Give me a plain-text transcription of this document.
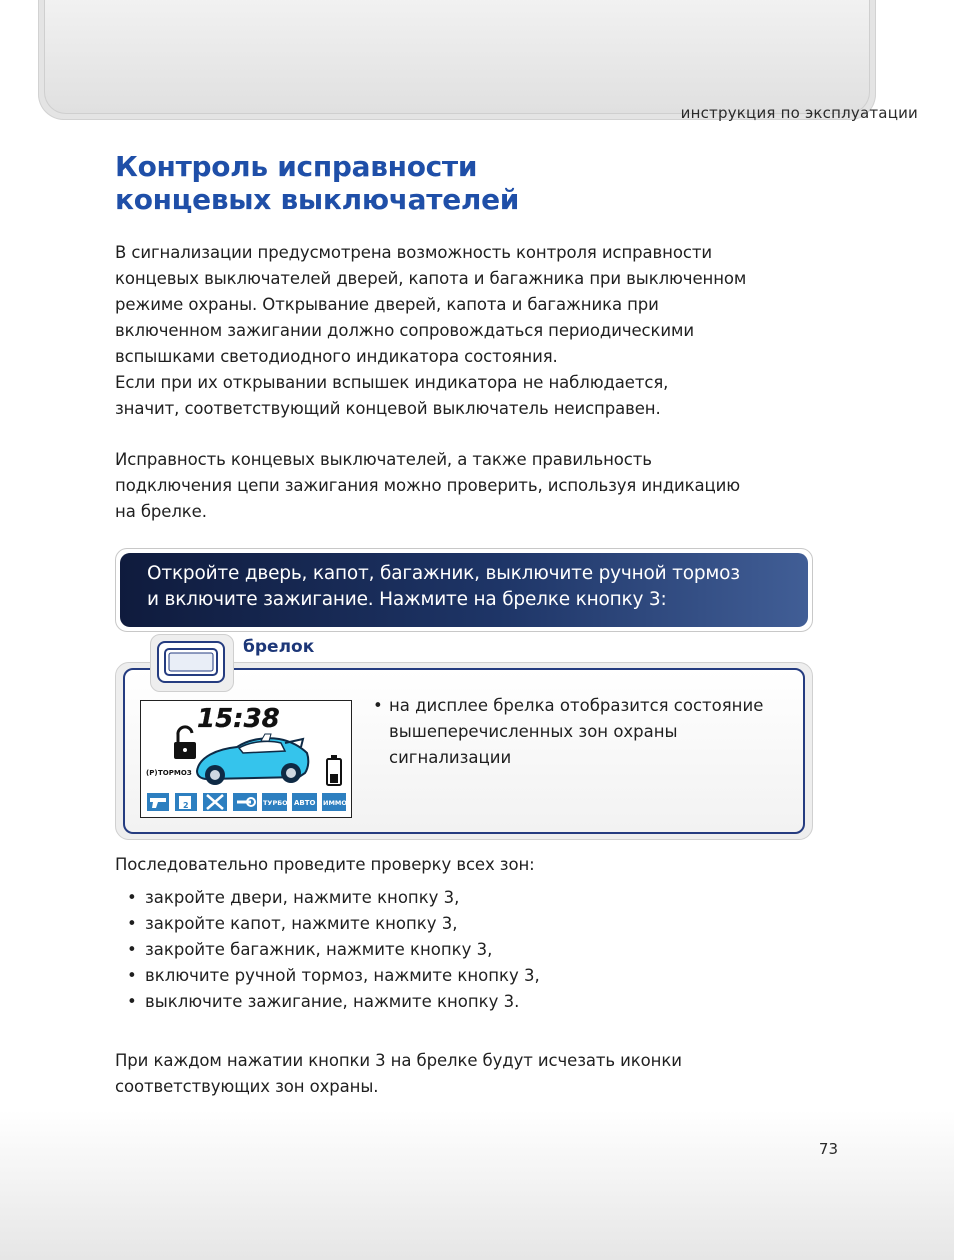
инструкция по эксплуатации
Контроль исправности
концевых выключателей
В сигнализации предусмотрена возможность контроля исправности
концевых выключателей дверей, капота и багажника при выключенном
режиме охраны. Открывание дверей, капота и багажника при
включенном зажигании должно сопровождаться периодическими
вспышками светодиодного индикатора состояния.
Если при их открывании вспышек индикатора не наблюдается,
значит, соответствующий концевой выключатель неисправен.
Исправность концевых выключателей, а также правильность
подключения цепи зажигания можно проверить, используя индикацию
на брелке.
Откройте дверь, капот, багажник, выключите ручной тормоз
и включите зажигание. Нажмите на брелке кнопку 3:
брелок
15:38
(P) ТОРМОЗ
2	ТУРБО АВТО ИММО
• на дисплее брелка отобразится состояние
вышеперечисленных зон охраны
сигнализации
Последовательно проведите проверку всех зон:
• закройте двери, нажмите кнопку 3,
• закройте капот, нажмите кнопку 3,
• закройте багажник, нажмите кнопку 3,
• включите ручной тормоз, нажмите кнопку 3,
• выключите зажигание, нажмите кнопку 3.
При каждом нажатии кнопки 3 на брелке будут исчезать иконки
соответствующих зон охраны.
73
